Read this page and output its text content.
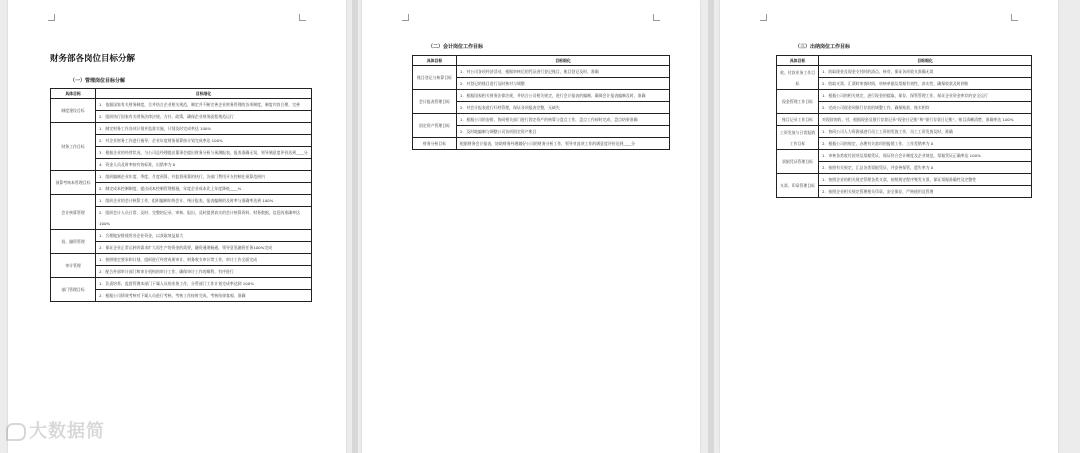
财务部各岗位目标分解
（一）管理岗位目标分解
具体目标	目标细化
制度建设目标	1．依据国家有关财务制度，合并结合企业相关规范，制定并不断完善企业财务管理的各项制度，制度内容合理、完善
	2．组织执行国家有关财务法律法规，方针、政策，确保企业财务流程规范运行
财务工作目标	1．制定财务工作各项计划并监督实施，计划及时完成率达 100%
	2．对企业财务工作进行指导，企业年度财务预算按计划完成率达 100%
	3．根据企业的经营状况，与公司总经理提出董事会提出财务分析与预测报表，报表准确无误，领导满意度评价达到____分
	4．资金人员及时率按有效标准，出错率为 0
预算考核本管理目标	1．组织编制企业年度、季度、月度预算，并监督预算的执行，各部门费用开支控制在预算范围内
	2．制定成本控制制度，提出成本控制管理措施，年度企业成本比上年度降低____%
会计核算管理	1．组织企业的会计核算工作，组织编制年终会计、统计报表，报表编制的及时率与准确率达到 100%
	2．组织会计人员日常、及时、完整的记录、审核、报出，及时提供真实的会计核算资料、财务数据，信息的准确率达 100%
投、融资管理	1．合理地安排使用各企业资金，以获取效益最大
	2．保证企业正常运转的需求扩大再生产的资金的需要，融资通道畅通，领导意见融资任务100%完成
审计管理	1．按照规定要求和计划，组织进行经营成果审计、财务收支审计等工作，审计工作全面完成
	2．配合外部审计部门和审计机构的审计工作，确保审计工作的顺利、有序进行
部门管理目标	1．负责培养、监督管理本部门下属人员的业务工作，分管部门工作计划完成率达到 100%
	2．根据公司绩效考核对下属人员进行考核，考核工作按时完成，考核结果客观、准确
（二）会计岗位工作目标
具体目标	目标细化
账目登记与核算目标	1．对公司各项经济活动，根据审核后的凭证进行登记账目，账目登记及时、准确
	2．对登记的账目进行及时核对与调整
会计报表管理目标	1．根据国家相关财务法律法规，并结合公司相关规定，进行会计报表的编制，确保会计报表编制及时、准确
	2．对会计报表进行归档管理，保证各项报表完整，无缺失
固定资产管理目标	1．根据公司的安排，协同相关部门进行固定资产的核算与盘点工作，盘点工作按时完成，盘点结果准确
	2．及时地编制与调整公司各项固定资产账目
财务分析目标	根据财务会计报表，协助财务经理做好公司的财务分析工作，领导对此项工作的满意度评价达到____分
（三）出纳岗位工作目标
具体目标	目标细化
收、付款业务工作目标	1．收取现金及现金支付时的清点、核对，保证各项收支准确无误
	2．收取支票、汇票时审查时间，审核单据及票据有效性、真实性，确保收款及时到账
现金管理工作目标	1．根据公司的相关规定，进行现金的提取、保存，保管管理工作，保证企业资金库存的安全运行
	2．完成公司现金同银行存款的调整工作，确保账款、账实相符
账目记录工作目标	对现款的收、付，根据现金及银行存款记录“现金日记账”和“银行存款日记账”，账目清晰清楚，准确率达 100%
工资发放与日常报销工作目标	1．协同公司人力资源部进行员工工资的发放工作，员工工资发放及时、准确
	2．根据公司的规定，办理有关款项的报销工作，工作差错率为 0
票据凭证管理目标	1．审核各类收付款项及票据凭证，保证符合会计制度及企业规范，票据凭证正确率达 100%
	2．按照有关规定，汇总各类票据凭证，并安善保管，遗失率为 0
支票、印章管理目标	1．按照企业的相关规定管理各类支票，按照规定程序签发支票，保证票据准确性及完整性
	2．按照企业相关规定管理相关印章，安全保存，严格使用及管理
大数据简
